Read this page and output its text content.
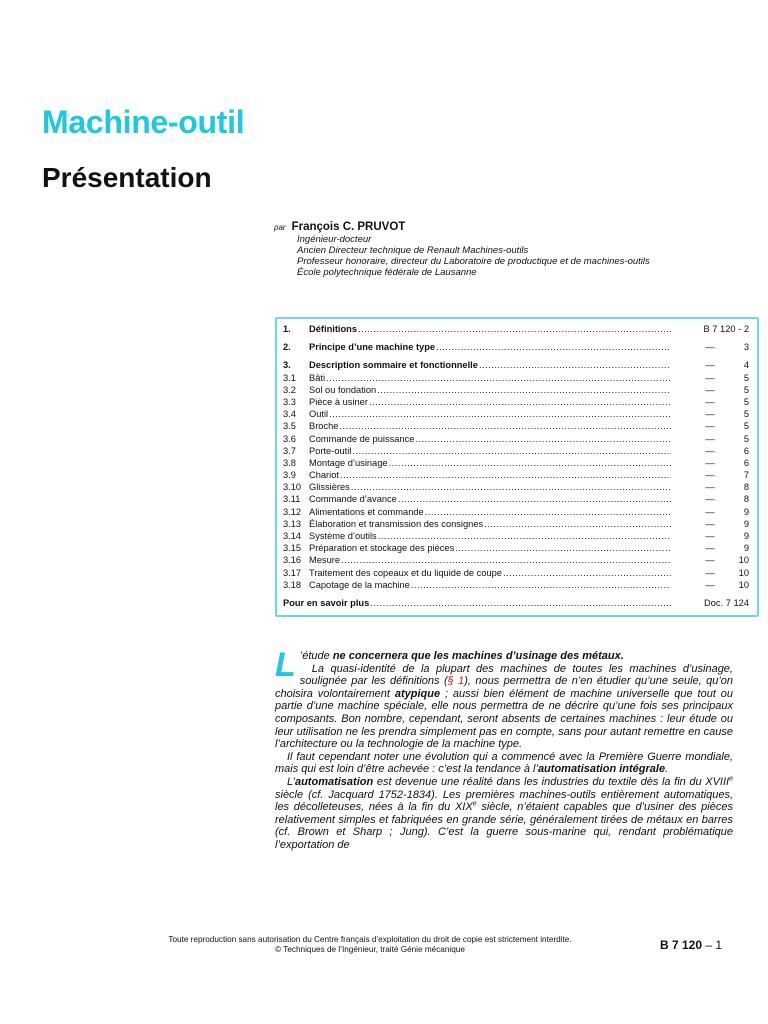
Machine-outil
Présentation
par François C. PRUVOT
Ingénieur-docteur
Ancien Directeur technique de Renault Machines-outils
Professeur honoraire, directeur du Laboratoire de productique et de machines-outils
École polytechnique fédérale de Lausanne
1.	Définitions .....	B 7 120 - 2
2.	Principe d’une machine type .....	—	3
3.	Description sommaire et fonctionnelle .....	—	4
3.1	Bâti .....	—	5
3.2	Sol ou fondation .....	—	5
3.3	Pièce à usiner .....	—	5
3.4	Outil .....	—	5
3.5	Broche .....	—	5
3.6	Commande de puissance .....	—	5
3.7	Porte-outil .....	—	6
3.8	Montage d’usinage .....	—	6
3.9	Chariot .....	—	7
3.10 Glissières .....	—	8
3.11 Commande d’avance .....	—	8
3.12 Alimentations et commande .....	—	9
3.13 Élaboration et transmission des consignes .....	—	9
3.14 Système d’outils .....	—	9
3.15 Préparation et stockage des pièces .....	—	9
3.16 Mesure .....	—	10
3.17 Traitement des copeaux et du liquide de coupe .....	—	10
3.18 Capotage de la machine .....	—	10
Pour en savoir plus .....	Doc. 7 124

L ’étude ne concernera que les machines d’usinage des métaux.

La quasi-identité de la plupart des machines de toutes les machines d’usinage, soulignée par les définitions (§ 1), nous permettra de n’en étudier qu’une seule, qu’on choisira volontairement atypique ; aussi bien élément de machine universelle que tout ou partie d’une machine spéciale, elle nous permettra de ne décrire qu’une fois ses principaux composants. Bon nombre, cependant, seront absents de certaines machines : leur étude ou leur utilisation ne les prendra simplement pas en compte, sans pour autant remettre en cause l’architecture ou la technologie de la machine type.

Il faut cependant noter une évolution qui a commencé avec la Première Guerre mondiale, mais qui est loin d’être achevée : c’est la tendance à l’automatisation intégrale.

L’automatisation est devenue une réalité dans les industries du textile dès la fin du XVIIIe siècle (cf. Jacquard 1752-1834). Les premières machines-outils entièrement automatiques, les décolleteuses, nées à la fin du XIXe siècle, n’étaient capables que d’usiner des pièces relativement simples et fabriquées en grande série, généralement tirées de métaux en barres (cf. Brown et Sharp ; Jung). C’est la guerre sous-marine qui, rendant problématique l’exportation de

Toute reproduction sans autorisation du Centre français d’exploitation du droit de copie est strictement interdite.
© Techniques de l’Ingénieur, traité Génie mécanique	B 7 120 – 1
